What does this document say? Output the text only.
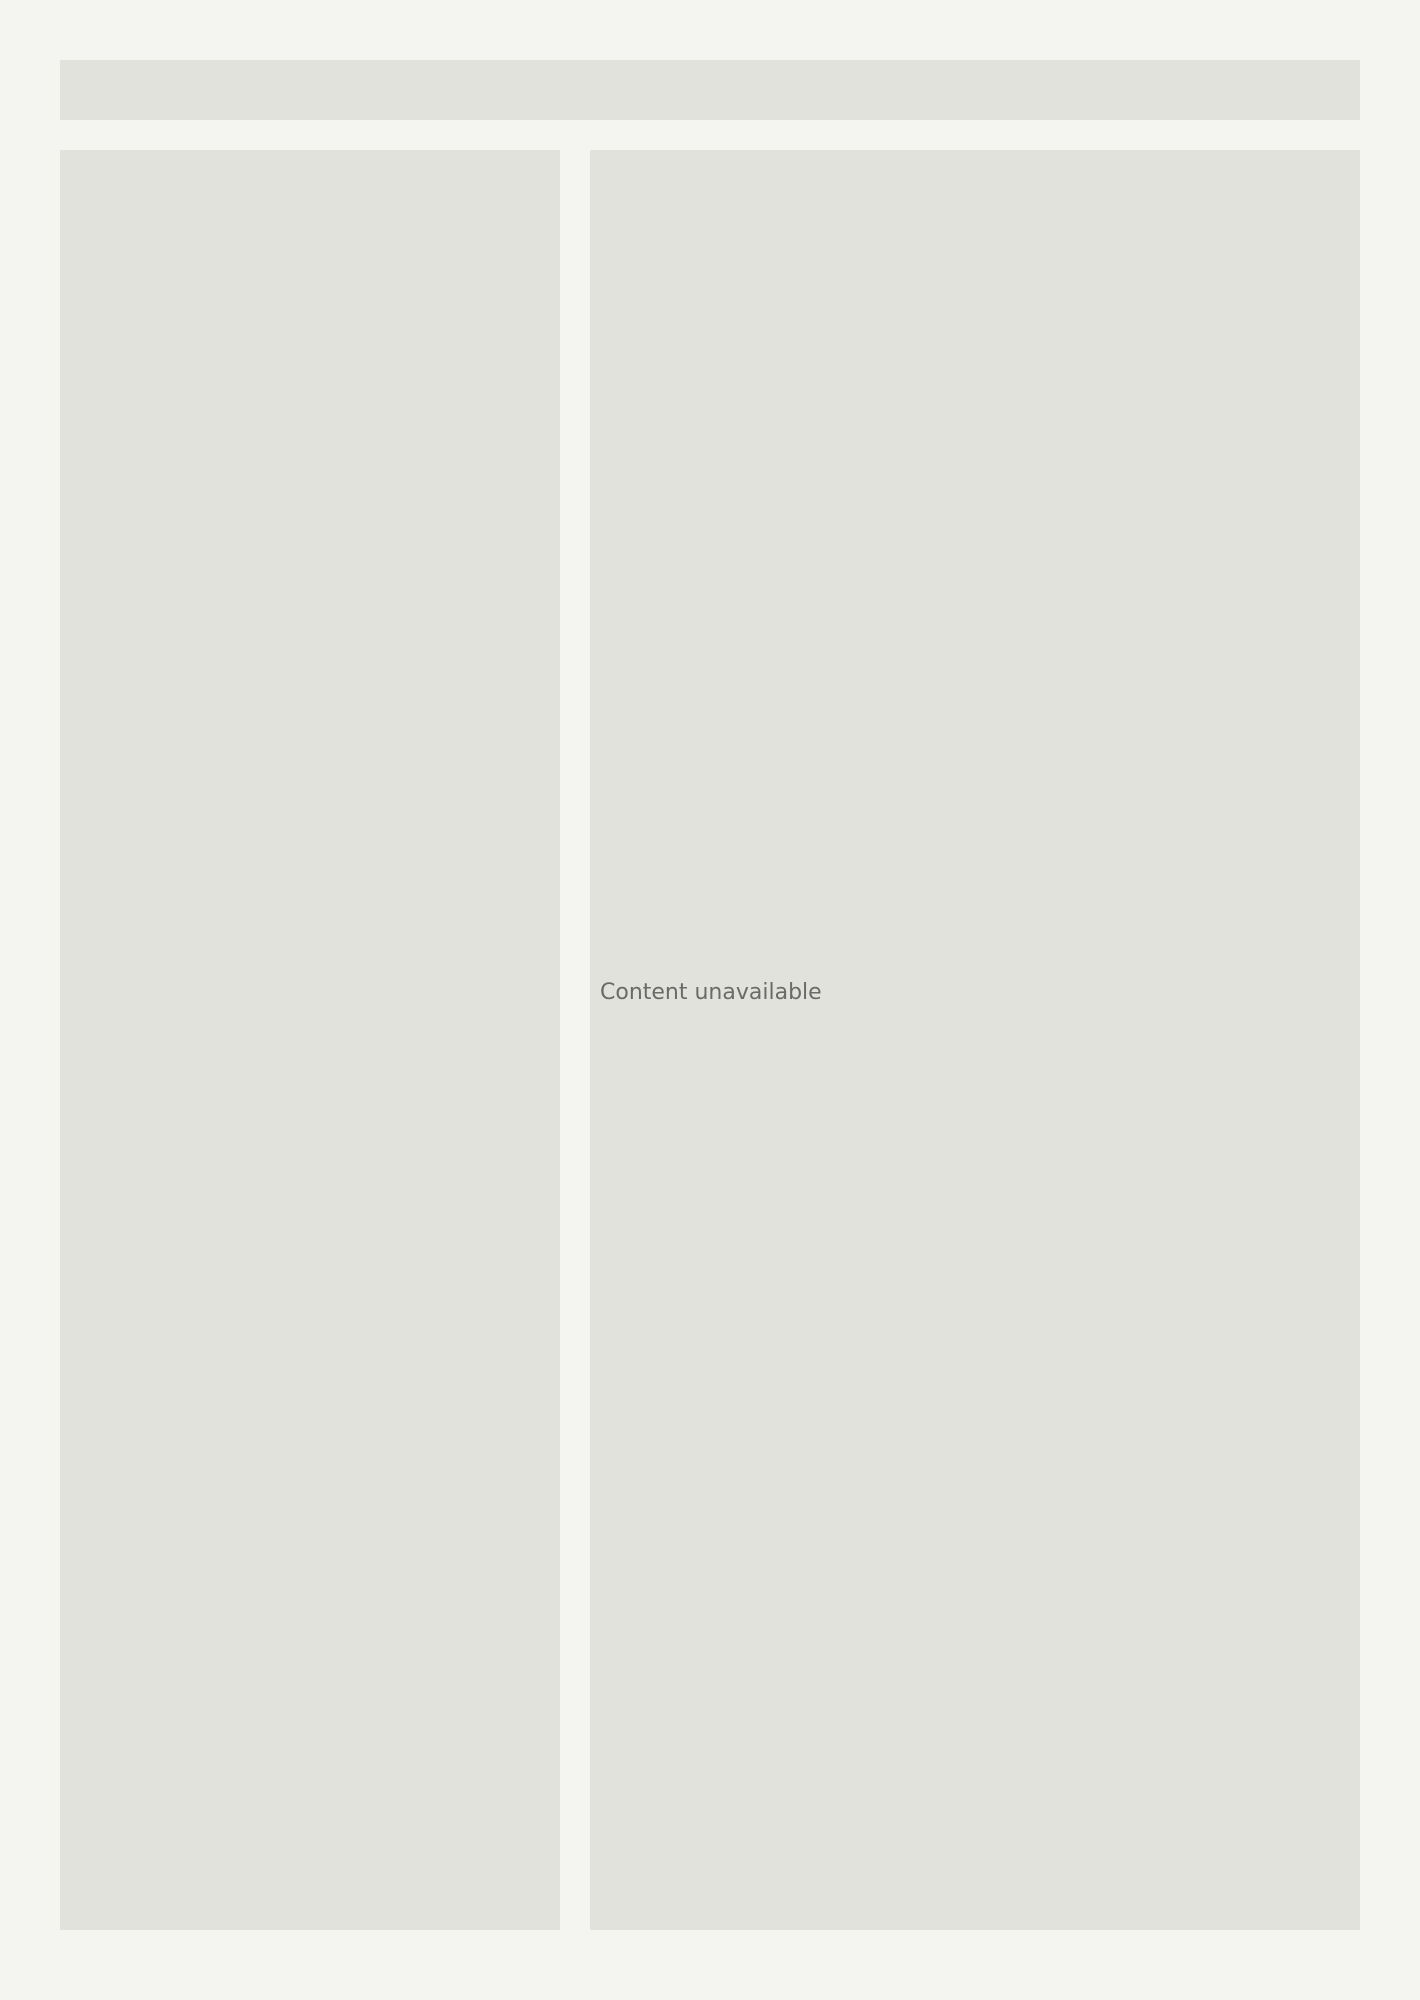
Content unavailable
